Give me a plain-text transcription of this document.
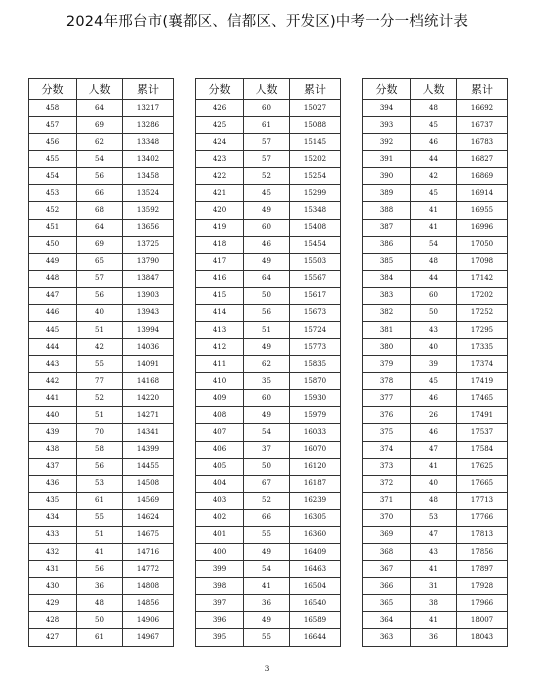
2024年邢台市(襄都区、信都区、开发区)中考一分一档统计表
分数	人数	累计
458	64	13217
457	69	13286
456	62	13348
455	54	13402
454	56	13458
453	66	13524
452	68	13592
451	64	13656
450	69	13725
449	65	13790
448	57	13847
447	56	13903
446	40	13943
445	51	13994
444	42	14036
443	55	14091
442	77	14168
441	52	14220
440	51	14271
439	70	14341
438	58	14399
437	56	14455
436	53	14508
435	61	14569
434	55	14624
433	51	14675
432	41	14716
431	56	14772
430	36	14808
429	48	14856
428	50	14906
427	61	14967
分数	人数	累计
426	60	15027
425	61	15088
424	57	15145
423	57	15202
422	52	15254
421	45	15299
420	49	15348
419	60	15408
418	46	15454
417	49	15503
416	64	15567
415	50	15617
414	56	15673
413	51	15724
412	49	15773
411	62	15835
410	35	15870
409	60	15930
408	49	15979
407	54	16033
406	37	16070
405	50	16120
404	67	16187
403	52	16239
402	66	16305
401	55	16360
400	49	16409
399	54	16463
398	41	16504
397	36	16540
396	49	16589
395	55	16644
分数	人数	累计
394	48	16692
393	45	16737
392	46	16783
391	44	16827
390	42	16869
389	45	16914
388	41	16955
387	41	16996
386	54	17050
385	48	17098
384	44	17142
383	60	17202
382	50	17252
381	43	17295
380	40	17335
379	39	17374
378	45	17419
377	46	17465
376	26	17491
375	46	17537
374	47	17584
373	41	17625
372	40	17665
371	48	17713
370	53	17766
369	47	17813
368	43	17856
367	41	17897
366	31	17928
365	38	17966
364	41	18007
363	36	18043
3
